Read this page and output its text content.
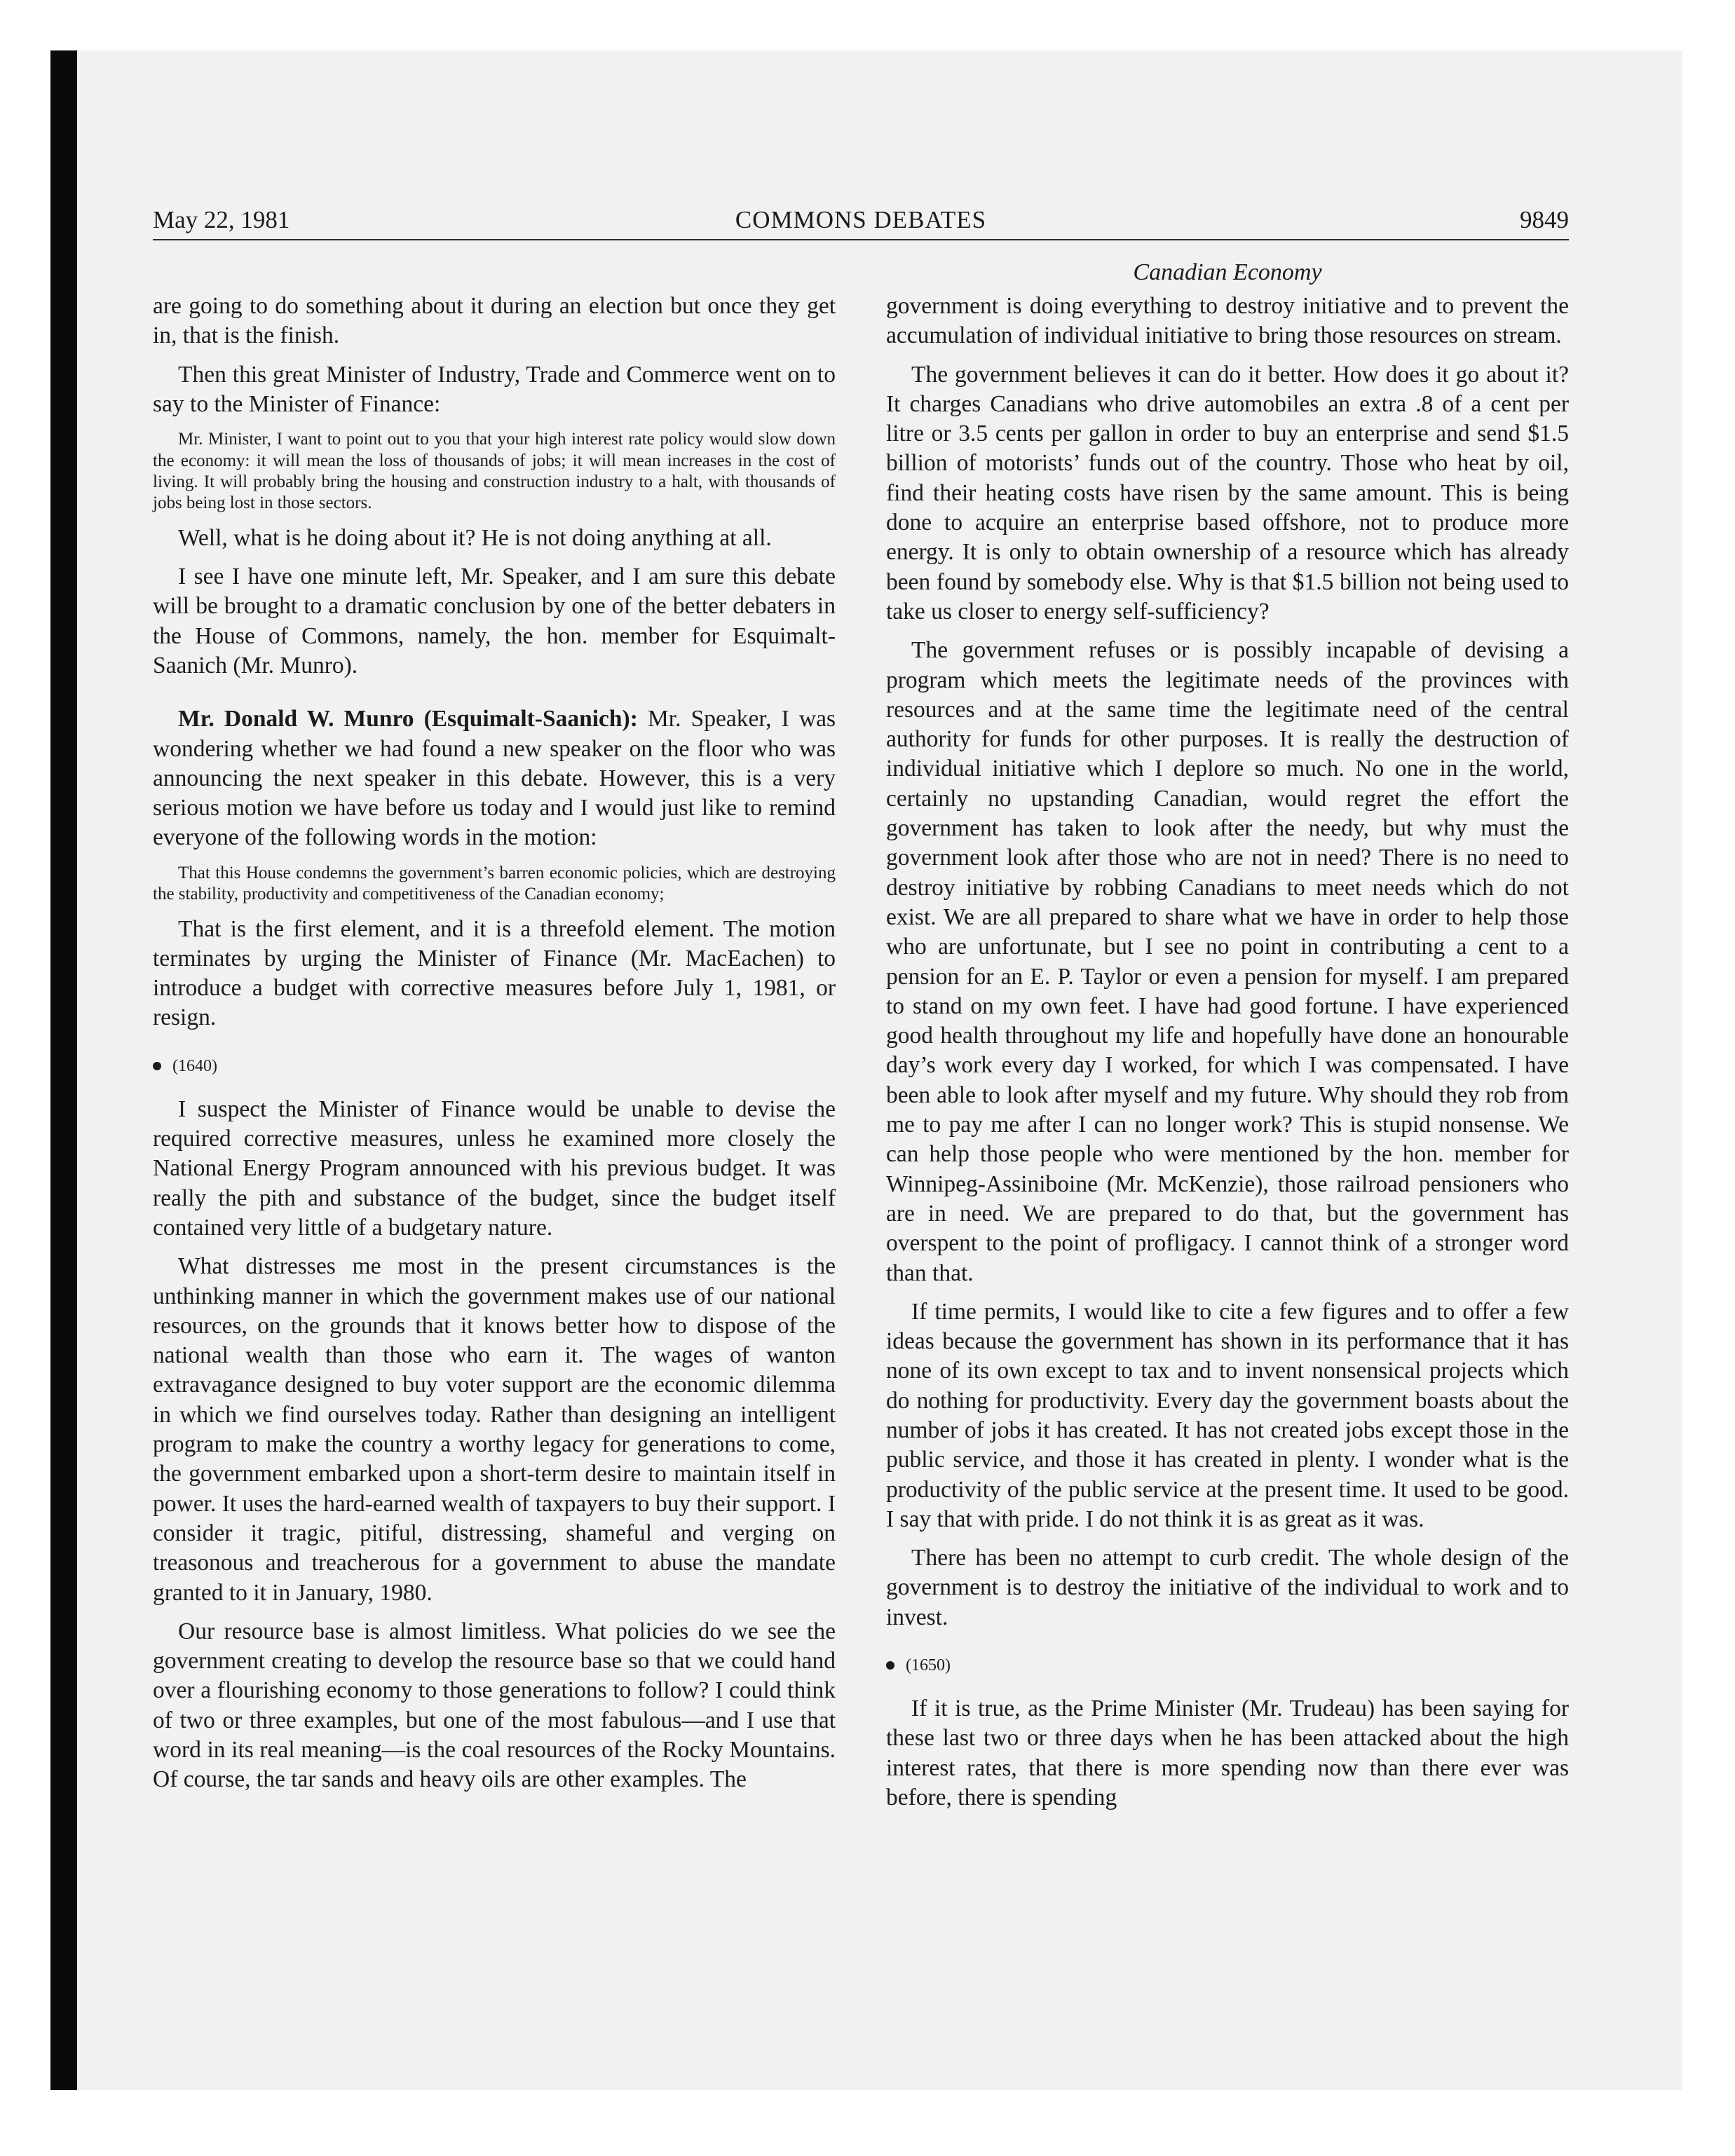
May 22, 1981	COMMONS DEBATES	9849
Canadian Economy

are going to do something about it during an election but once they get in, that is the finish.

Then this great Minister of Industry, Trade and Commerce went on to say to the Minister of Finance:

Mr. Minister, I want to point out to you that your high interest rate policy would slow down the economy: it will mean the loss of thousands of jobs; it will mean increases in the cost of living. It will probably bring the housing and construction industry to a halt, with thousands of jobs being lost in those sectors.

Well, what is he doing about it? He is not doing anything at all.

I see I have one minute left, Mr. Speaker, and I am sure this debate will be brought to a dramatic conclusion by one of the better debaters in the House of Commons, namely, the hon. member for Esquimalt-Saanich (Mr. Munro).

Mr. Donald W. Munro (Esquimalt-Saanich): Mr. Speaker, I was wondering whether we had found a new speaker on the floor who was announcing the next speaker in this debate. However, this is a very serious motion we have before us today and I would just like to remind everyone of the following words in the motion:

That this House condemns the government’s barren economic policies, which are destroying the stability, productivity and competitiveness of the Canadian economy;

That is the first element, and it is a threefold element. The motion terminates by urging the Minister of Finance (Mr. MacEachen) to introduce a budget with corrective measures before July 1, 1981, or resign.

(1640)

I suspect the Minister of Finance would be unable to devise the required corrective measures, unless he examined more closely the National Energy Program announced with his previous budget. It was really the pith and substance of the budget, since the budget itself contained very little of a budgetary nature.

What distresses me most in the present circumstances is the unthinking manner in which the government makes use of our national resources, on the grounds that it knows better how to dispose of the national wealth than those who earn it. The wages of wanton extravagance designed to buy voter support are the economic dilemma in which we find ourselves today. Rather than designing an intelligent program to make the country a worthy legacy for generations to come, the government embarked upon a short-term desire to maintain itself in power. It uses the hard-earned wealth of taxpayers to buy their support. I consider it tragic, pitiful, distressing, shameful and verging on treasonous and treacherous for a government to abuse the mandate granted to it in January, 1980.

Our resource base is almost limitless. What policies do we see the government creating to develop the resource base so that we could hand over a flourishing economy to those generations to follow? I could think of two or three examples, but one of the most fabulous—and I use that word in its real meaning—is the coal resources of the Rocky Mountains. Of course, the tar sands and heavy oils are other examples. The

government is doing everything to destroy initiative and to prevent the accumulation of individual initiative to bring those resources on stream.

The government believes it can do it better. How does it go about it? It charges Canadians who drive automobiles an extra .8 of a cent per litre or 3.5 cents per gallon in order to buy an enterprise and send $1.5 billion of motorists’ funds out of the country. Those who heat by oil, find their heating costs have risen by the same amount. This is being done to acquire an enterprise based offshore, not to produce more energy. It is only to obtain ownership of a resource which has already been found by somebody else. Why is that $1.5 billion not being used to take us closer to energy self-sufficiency?

The government refuses or is possibly incapable of devising a program which meets the legitimate needs of the provinces with resources and at the same time the legitimate need of the central authority for funds for other purposes. It is really the destruction of individual initiative which I deplore so much. No one in the world, certainly no upstanding Canadian, would regret the effort the government has taken to look after the needy, but why must the government look after those who are not in need? There is no need to destroy initiative by robbing Canadians to meet needs which do not exist. We are all prepared to share what we have in order to help those who are unfortunate, but I see no point in contributing a cent to a pension for an E. P. Taylor or even a pension for myself. I am prepared to stand on my own feet. I have had good fortune. I have experienced good health throughout my life and hopefully have done an honourable day’s work every day I worked, for which I was compensated. I have been able to look after myself and my future. Why should they rob from me to pay me after I can no longer work? This is stupid nonsense. We can help those people who were mentioned by the hon. member for Winnipeg-Assiniboine (Mr. McKenzie), those railroad pensioners who are in need. We are prepared to do that, but the government has overspent to the point of profligacy. I cannot think of a stronger word than that.

If time permits, I would like to cite a few figures and to offer a few ideas because the government has shown in its performance that it has none of its own except to tax and to invent nonsensical projects which do nothing for productivity. Every day the government boasts about the number of jobs it has created. It has not created jobs except those in the public service, and those it has created in plenty. I wonder what is the productivity of the public service at the present time. It used to be good. I say that with pride. I do not think it is as great as it was.

There has been no attempt to curb credit. The whole design of the government is to destroy the initiative of the individual to work and to invest.

(1650)

If it is true, as the Prime Minister (Mr. Trudeau) has been saying for these last two or three days when he has been attacked about the high interest rates, that there is more spending now than there ever was before, there is spending
